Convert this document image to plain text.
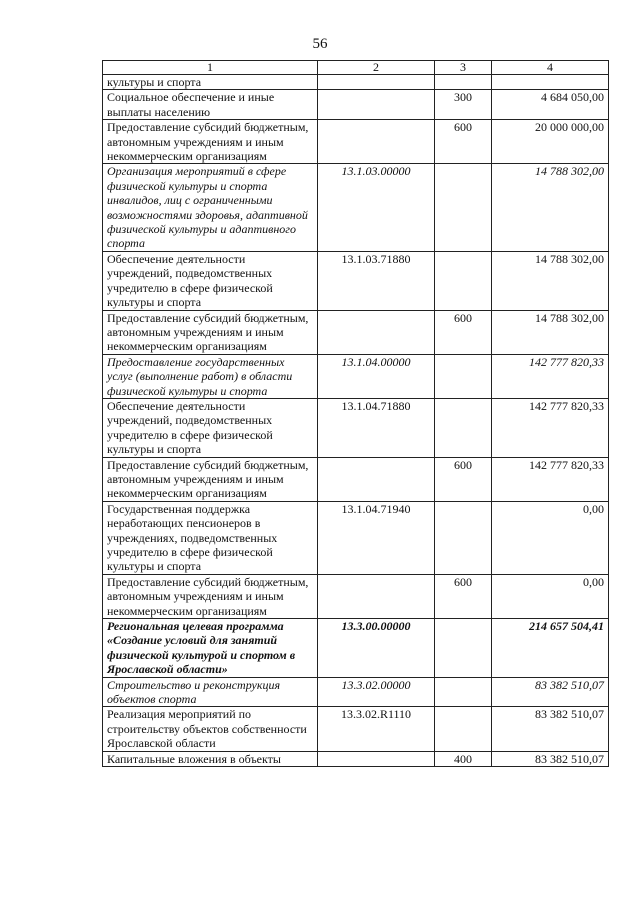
56
1	2	3	4
культуры и спорта			
Социальное обеспечение и иные выплаты населению		300	4 684 050,00
Предоставление субсидий бюджетным, автономным учреждениям и иным некоммерческим организациям		600	20 000 000,00
Организация мероприятий в сфере физической культуры и спорта инвалидов, лиц с ограниченными возможностями здоровья, адаптивной физической культуры и адаптивного спорта	13.1.03.00000		14 788 302,00
Обеспечение деятельности учреждений, подведомственных учредителю в сфере физической культуры и спорта	13.1.03.71880		14 788 302,00
Предоставление субсидий бюджетным, автономным учреждениям и иным некоммерческим организациям		600	14 788 302,00
Предоставление государственных услуг (выполнение работ) в области физической культуры и спорта	13.1.04.00000		142 777 820,33
Обеспечение деятельности учреждений, подведомственных учредителю в сфере физической культуры и спорта	13.1.04.71880		142 777 820,33
Предоставление субсидий бюджетным, автономным учреждениям и иным некоммерческим организациям		600	142 777 820,33
Государственная поддержка неработающих пенсионеров в учреждениях, подведомственных учредителю в сфере физической культуры и спорта	13.1.04.71940		0,00
Предоставление субсидий бюджетным, автономным учреждениям и иным некоммерческим организациям		600	0,00
Региональная целевая программа «Создание условий для занятий физической культурой и спортом в Ярославской области»	13.3.00.00000		214 657 504,41
Строительство и реконструкция объектов спорта	13.3.02.00000		83 382 510,07
Реализация мероприятий по строительству объектов собственности Ярославской области	13.3.02.R1110		83 382 510,07
Капитальные вложения в объекты		400	83 382 510,07
